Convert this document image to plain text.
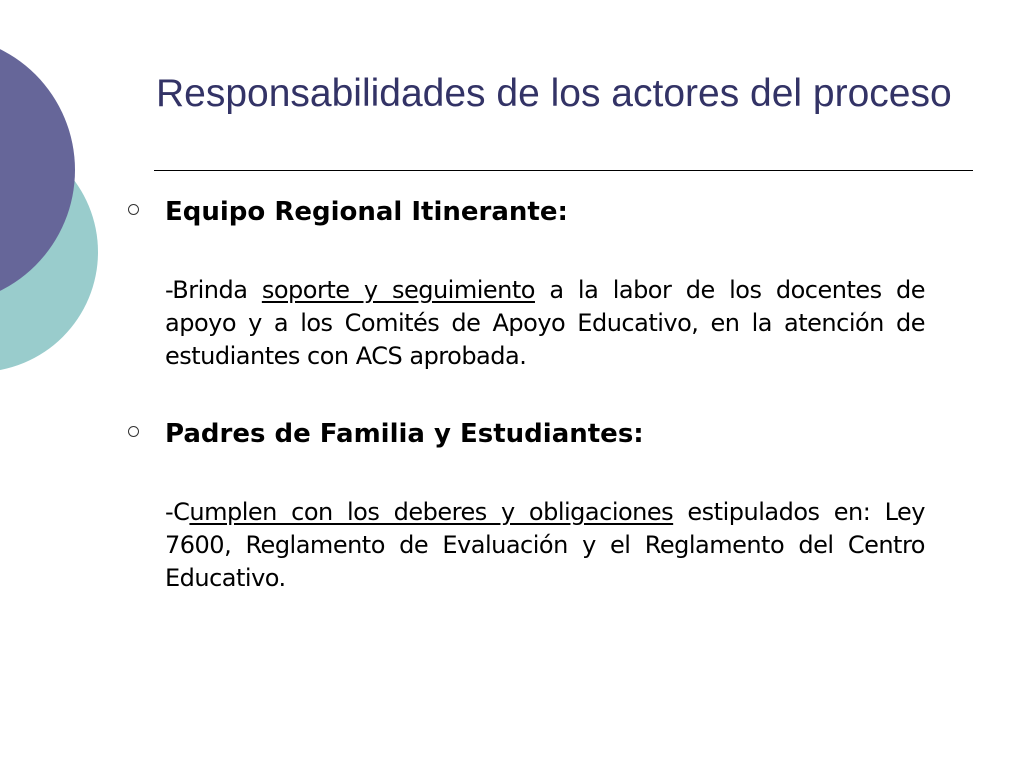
Responsabilidades de los actores del proceso
Equipo Regional Itinerante:
-Brinda soporte y seguimiento a la labor de los docentes de apoyo y a los Comités de Apoyo Educativo, en la atención de estudiantes con ACS aprobada.
Padres de Familia y Estudiantes:
-Cumplen con los deberes y obligaciones estipulados en: Ley 7600, Reglamento de Evaluación y el Reglamento del Centro Educativo.
